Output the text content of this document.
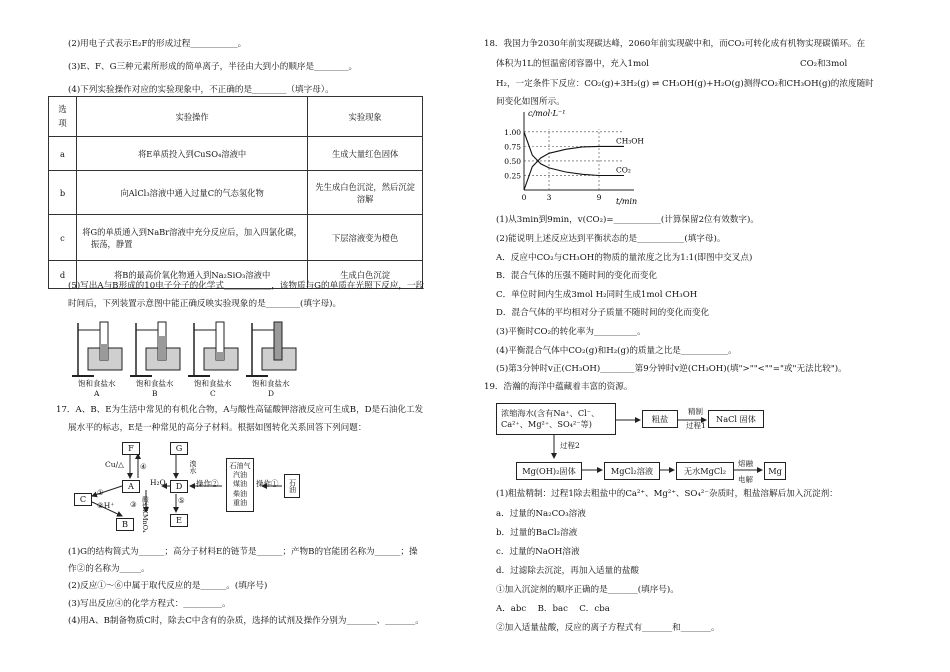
(2)用电子式表示E₂F的形成过程___________。
(3)E、F、G三种元素所形成的简单离子，半径由大到小的顺序是________。
(4)下列实验操作对应的实验现象中，不正确的是________（填字母）。
选项	实验操作	实验现象
a	将E单质投入到CuSO₄溶液中	生成大量红色固体
b	向AlCl₃溶液中通入过量C的气态氢化物	先生成白色沉淀，然后沉淀
溶解

c	将G的单质通入到NaBr溶液中充分反应后，加入四氯化碳，
振荡，静置	下层溶液变为橙色
d	将B的最高价氧化物通入到Na₂SiO₃溶液中	生成白色沉淀
(5)写出A与B形成的10电子分子的化学式___________，该物质与G的单质在光照下反应，一段
时间后，下列装置示意图中能正确反映实验现象的是________(填字母)。
饱和食盐水	饱和食盐水	饱和食盐水	饱和食盐水
A	B	C	D
17．A、B、E为生活中常见的有机化合物，A与酸性高锰酸钾溶液反应可生成B，D是石油化工发
展水平的标志，E是一种常见的高分子材料。根据如图转化关系回答下列问题：
F	G
A	D
C
B	E
Cu/△ ④
①
②H⁺	酸性KMnO₄
③
H₂O
溴水
⑤
操作②
石油气
汽油
煤油
柴油
重油
操作①	石油
(1)G的结构简式为______；高分子材料E的链节是______；产物B的官能团名称为______；操
作②的名称为_____。
(2)反应①～⑥中属于取代反应的是______。(填序号)
(3)写出反应④的化学方程式：_________。
(4)用A、B制备物质C时，除去C中含有的杂质，选择的试剂及操作分别为_______、_______。
18．我国力争2030年前实现碳达峰，2060年前实现碳中和，而CO₂可转化成有机物实现碳循环。在
体积为1L的恒温密闭容器中，充入1mol	CO₂和3mol
H₂，一定条件下反应：CO₂(g)+3H₂(g) ⇌ CH₃OH(g)+H₂O(g)测得CO₂和CH₃OH(g)的浓度随时
间变化如图所示。
c/mol·L⁻¹
t/min
0.25
0.50
0.75
1.00
0	3	9
CH₃OH
CO₂
(1)从3min到9min，v(CO₂)=___________(计算保留2位有效数字)。
(2)能说明上述反应达到平衡状态的是___________(填字母)。
A．反应中CO₂与CH₃OH的物质的量浓度之比为1:1(即图中交叉点)
B．混合气体的压强不随时间的变化而变化
C．单位时间内生成3mol H₂同时生成1mol CH₃OH
D．混合气体的平均相对分子质量不随时间的变化而变化
(3)平衡时CO₂的转化率为__________。
(4)平衡混合气体中CO₂(g)和H₂(g)的质量之比是___________。
(5)第3分钟时v正(CH₃OH)________第9分钟时v逆(CH₃OH)(填">""<""="或"无法比较")。
19．浩瀚的海洋中蕴藏着丰富的资源。
浓缩海水(含有Na⁺、Cl⁻、
Ca²⁺、Mg²⁺、SO₄²⁻等)
粗盐
精制
过程1
NaCl 固体
过程2
Mg(OH)₂固体	MgCl₂溶液	无水MgCl₂
熔融
电解
Mg
(1)粗盐精制：过程1除去粗盐中的Ca²⁺、Mg²⁺、SO₄²⁻杂质时，粗盐溶解后加入沉淀剂：
a．过量的Na₂CO₃溶液
b．过量的BaCl₂溶液
c．过量的NaOH溶液
d．过滤除去沉淀，再加入适量的盐酸
①加入沉淀剂的顺序正确的是_______(填序号)。
A．abc　 B．bac　 C．cba
②加入适量盐酸，反应的离子方程式有_______和_______。
